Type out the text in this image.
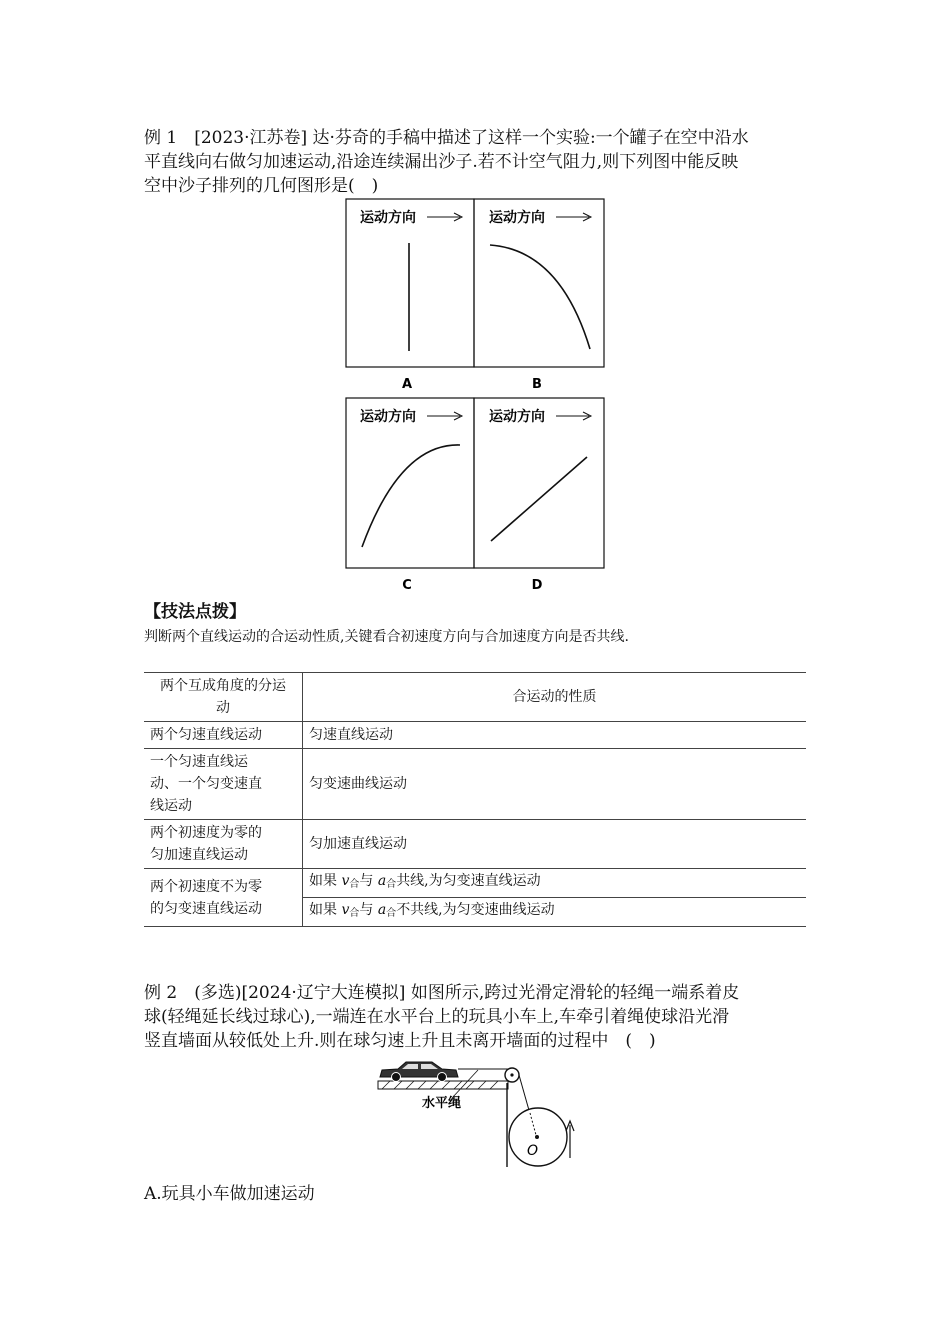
例 1　[2023·江苏卷] 达·芬奇的手稿中描述了这样一个实验:一个罐子在空中沿水
平直线向右做匀加速运动,沿途连续漏出沙子.若不计空气阻力,则下列图中能反映
空中沙子排列的几何图形是(　)
运动方向	运动方向
A	B
运动方向	运动方向
C	D
【技法点拨】
判断两个直线运动的合运动性质,关键看合初速度方向与合加速度方向是否共线.
两个互成角度的分运
动	合运动的性质
两个匀速直线运动	匀速直线运动

一个匀速直线运
动、一个匀变速直
线运动	匀变速曲线运动

两个初速度为零的
匀加速直线运动	匀加速直线运动

两个初速度不为零
的匀变速直线运动	如果 $v_合$与 $a_合$共线,为匀变速直线运动
	如果 $v_合$与 $a_合$不共线,为匀变速曲线运动
例 2　(多选)[2024·辽宁大连模拟] 如图所示,跨过光滑定滑轮的轻绳一端系着皮
球(轻绳延长线过球心),一端连在水平台上的玩具小车上,车牵引着绳使球沿光滑
竖直墙面从较低处上升.则在球匀速上升且未离开墙面的过程中　(　)
O
水平绳
A.玩具小车做加速运动
